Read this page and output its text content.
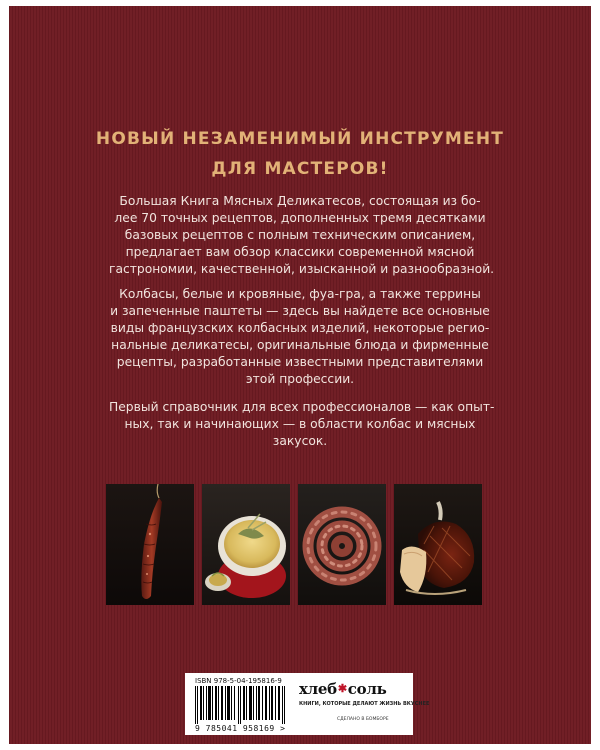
НОВЫЙ НЕЗАМЕНИМЫЙ ИНСТРУМЕНТ
ДЛЯ МАСТЕРОВ!
Большая Книга Мясных Деликатесов, состоящая из бо-
лее 70 точных рецептов, дополненных тремя десятками
базовых рецептов с полным техническим описанием,
предлагает вам обзор классики современной мясной
гастрономии, качественной, изысканной и разнообразной.
Колбасы, белые и кровяные, фуа-гра, а также террины
и запеченные паштеты — здесь вы найдете все основные
виды французских колбасных изделий, некоторые регио-
нальные деликатесы, оригинальные блюда и фирменные
рецепты, разработанные известными представителями
этой профессии.
Первый справочник для всех профессионалов — как опыт-
ных, так и начинающих — в области колбас и мясных
закусок.
ISBN 978-5-04-195816-9
9 785041 958169 >
хлеб✱соль
КНИГИ, КОТОРЫЕ ДЕЛАЮТ ЖИЗНЬ ВКУСНЕЕ
СДЕЛАНО В БОМБОРЕ
